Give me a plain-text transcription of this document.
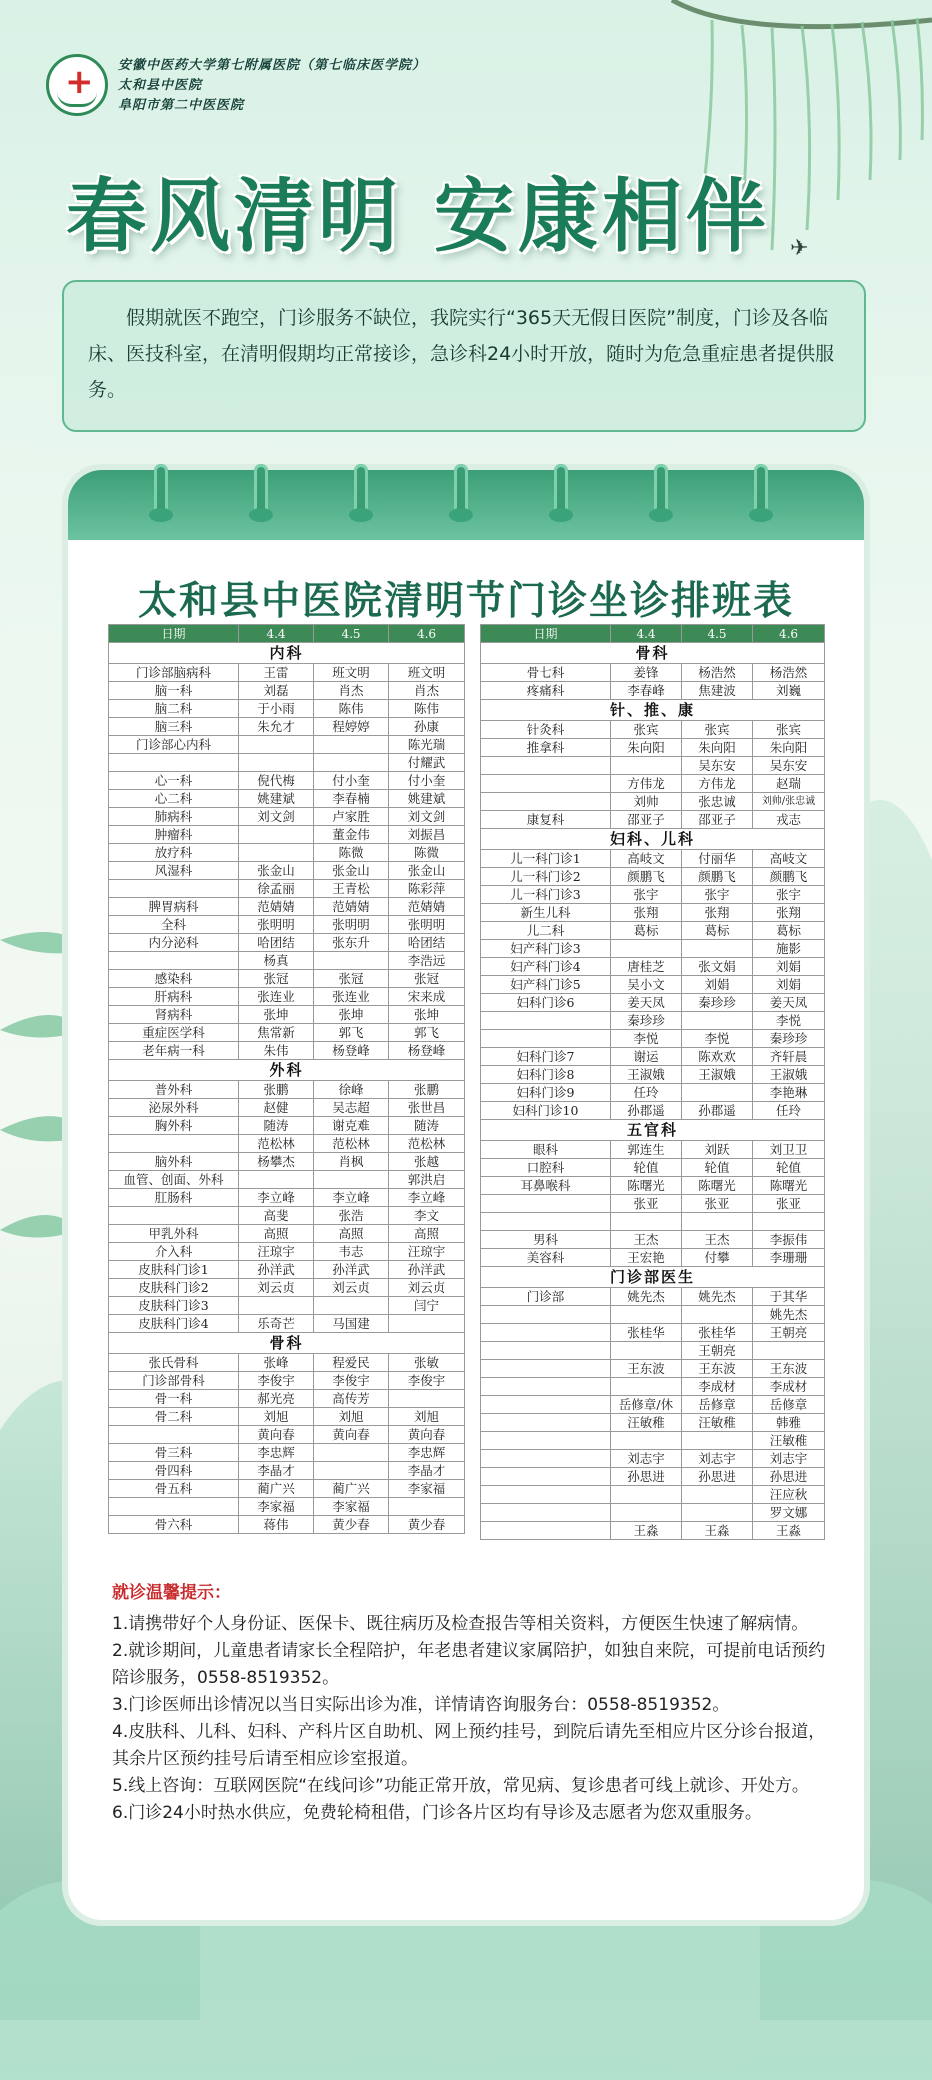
✈
+ 安徽中医药大学第七附属医院（第七临床医学院）
太和县中医院
阜阳市第二中医医院
春风清明 安康相伴
　　假期就医不跑空，门诊服务不缺位，我院实行“365天无假日医院”制度，门诊及各临床、医技科室，在清明假期均正常接诊，急诊科24小时开放，随时为危急重症患者提供服务。
太和县中医院清明节门诊坐诊排班表
日期	4.4	4.5	4.6
内科			
门诊部脑病科	王雷	班文明	班文明
脑一科	刘磊	肖杰	肖杰
脑二科	于小雨	陈伟	陈伟
脑三科	朱允才	程婷婷	孙康
门诊部心内科			陈光瑞
			付耀武
心一科	倪代梅	付小奎	付小奎
心二科	姚建斌	李春楠	姚建斌
肺病科	刘文剑	卢家胜	刘文剑
肿瘤科		董金伟	刘振昌
放疗科		陈微	陈微
风湿科	张金山	张金山	张金山
	徐孟丽	王青松	陈彩萍
脾胃病科	范婧婧	范婧婧	范婧婧
全科	张明明	张明明	张明明
内分泌科	哈团结	张东升	哈团结
	杨真		李浩远
感染科	张冠	张冠	张冠
肝病科	张连业	张连业	宋来成
肾病科	张坤	张坤	张坤
重症医学科	焦常新	郭飞	郭飞
老年病一科	朱伟	杨登峰	杨登峰
外科			
普外科	张鹏	徐峰	张鹏
泌尿外科	赵健	吴志超	张世昌
胸外科	随涛	谢克难	随涛
	范松林	范松林	范松林
脑外科	杨攀杰	肖枫	张越
血管、创面、外科			郭洪启
肛肠科	李立峰	李立峰	李立峰
	高斐	张浩	李文
甲乳外科	高照	高照	高照
介入科	汪琼宇	韦志	汪琼宇
皮肤科门诊1	孙洋武	孙洋武	孙洋武
皮肤科门诊2	刘云贞	刘云贞	刘云贞
皮肤科门诊3			闫宁
皮肤科门诊4	乐奇芒	马国建	
骨科			
张氏骨科	张峰	程爱民	张敏
门诊部骨科	李俊宇	李俊宇	李俊宇
骨一科	郝光亮	高传芳	
骨二科	刘旭	刘旭	刘旭
	黄向春	黄向春	黄向春
骨三科	李忠辉		李忠辉
骨四科	李晶才		李晶才
骨五科	蔺广兴	蔺广兴	李家福
	李家福	李家福	
骨六科	蒋伟	黄少春	黄少春
日期	4.4	4.5	4.6
骨科			
骨七科	姜锋	杨浩然	杨浩然
疼痛科	李春峰	焦建波	刘巍
针、推、康			
针灸科	张宾	张宾	张宾
推拿科	朱向阳	朱向阳	朱向阳
		吴东安	吴东安
	方伟龙	方伟龙	赵瑞
	刘帅	张忠诚	刘帅/张忠诚
康复科	邵亚子	邵亚子	戎志
妇科、儿科			
儿一科门诊1	高岐文	付丽华	高岐文
儿一科门诊2	颜鹏飞	颜鹏飞	颜鹏飞
儿一科门诊3	张宇	张宇	张宇
新生儿科	张翔	张翔	张翔
儿二科	葛标	葛标	葛标
妇产科门诊3			施影
妇产科门诊4	唐桂芝	张文娟	刘娟
妇产科门诊5	吴小文	刘娟	刘娟
妇科门诊6	姜天凤	秦珍珍	姜天凤
	秦珍珍		李悦
	李悦	李悦	秦珍珍
妇科门诊7	谢运	陈欢欢	齐轩晨
妇科门诊8	王淑娥	王淑娥	王淑娥
妇科门诊9	任玲		李艳琳
妇科门诊10	孙郡遥	孙郡遥	任玲
五官科			
眼科	郭连生	刘跃	刘卫卫
口腔科	轮值	轮值	轮值
耳鼻喉科	陈曙光	陈曙光	陈曙光
	张亚	张亚	张亚

男科	王杰	王杰	李振伟
美容科	王宏艳	付攀	李珊珊
门诊部医生			
门诊部	姚先杰	姚先杰	于其华
			姚先杰
	张桂华	张桂华	王朝亮
		王朝亮	
	王东波	王东波	王东波
		李成材	李成材
	岳修章/休	岳修章	岳修章
	汪敏稚	汪敏稚	韩雅
			汪敏稚
	刘志宇	刘志宇	刘志宇
	孙思进	孙思进	孙思进
			汪应秋
			罗文娜
	王淼	王淼	王淼
就诊温馨提示：

1.请携带好个人身份证、医保卡、既往病历及检查报告等相关资料，方便医生快速了解病情。

2.就诊期间，儿童患者请家长全程陪护，年老患者建议家属陪护，如独自来院，可提前电话预约陪诊服务，0558-8519352。

3.门诊医师出诊情况以当日实际出诊为准，详情请咨询服务台：0558-8519352。

4.皮肤科、儿科、妇科、产科片区自助机、网上预约挂号，到院后请先至相应片区分诊台报道，其余片区预约挂号后请至相应诊室报道。

5.线上咨询：互联网医院“在线问诊”功能正常开放，常见病、复诊患者可线上就诊、开处方。

6.门诊24小时热水供应，免费轮椅租借，门诊各片区均有导诊及志愿者为您双重服务。
